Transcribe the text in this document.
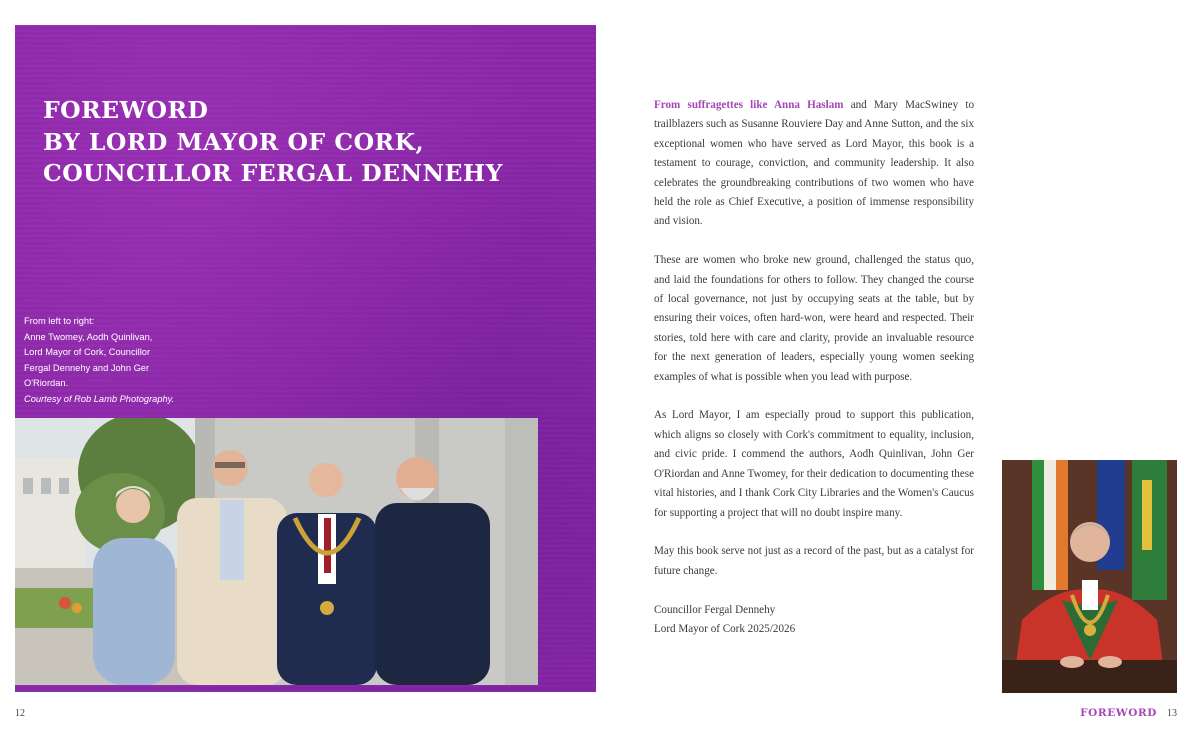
FOREWORD
BY LORD MAYOR OF CORK,
COUNCILLOR FERGAL DENNEHY
From left to right:
Anne Twomey, Aodh Quinlivan,
Lord Mayor of Cork, Councillor
Fergal Dennehy and John Ger
O'Riordan.
Courtesy of Rob Lamb Photography.
12

From suffragettes like Anna Haslam and Mary MacSwiney to trailblazers such as Susanne Rouviere Day and Anne Sutton, and the six exceptional women who have served as Lord Mayor, this book is a testament to courage, conviction, and community leadership. It also celebrates the groundbreaking contributions of two women who have held the role as Chief Executive, a position of immense responsibility and vision.

These are women who broke new ground, challenged the status quo, and laid the foundations for others to follow. They changed the course of local governance, not just by occupying seats at the table, but by ensuring their voices, often hard-won, were heard and respected. Their stories, told here with care and clarity, provide an invaluable resource for the next generation of leaders, especially young women seeking examples of what is possible when you lead with purpose.

As Lord Mayor, I am especially proud to support this publication, which aligns so closely with Cork's commitment to equality, inclusion, and civic pride. I commend the authors, Aodh Quinlivan, John Ger O'Riordan and Anne Twomey, for their dedication to documenting these vital histories, and I thank Cork City Libraries and the Women's Caucus for supporting a project that will no doubt inspire many.

May this book serve not just as a record of the past, but as a catalyst for future change.

Councillor Fergal Dennehy
Lord Mayor of Cork 2025/2026

FOREWORD 13
